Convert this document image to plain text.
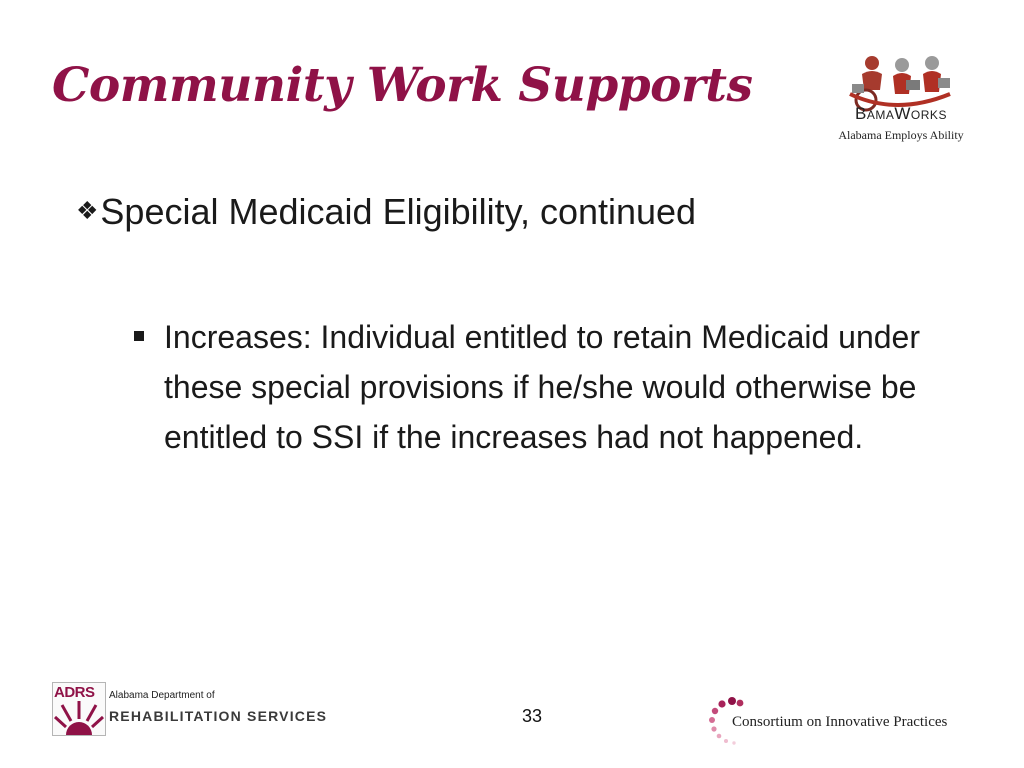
Community Work Supports
BamaWorks
Alabama Employs Ability
❖Special Medicaid Eligibility, continued
Increases: Individual entitled to retain Medicaid under these special provisions if he/she would otherwise be entitled to SSI if the increases had not happened.
ADRS Alabama Department of
REHABILITATION SERVICES	33	Consortium on Innovative Practices
